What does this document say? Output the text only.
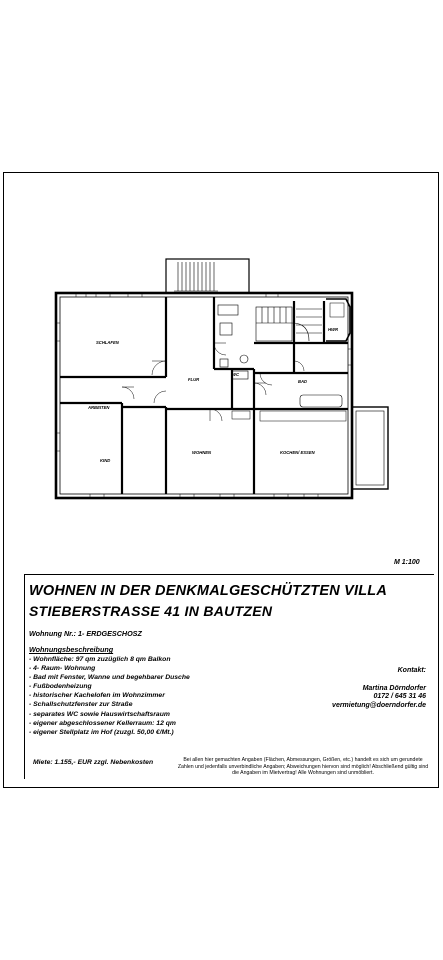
SCHLAFEN
ARBEITEN
KIND
FLUR
WC
BAD
HWR
WOHNEN	KOCHEN/ ESSEN
M 1:100
WOHNEN IN DER DENKMALGESCHÜTZTEN VILLA
STIEBERSTRASSE 41 IN BAUTZEN
Wohnung Nr.: 1- ERDGESCHOSZ
Wohnungsbeschreibung
- Wohnfläche: 97 qm zuzüglich 8 qm Balkon
- 4- Raum- Wohnung
- Bad mit Fenster, Wanne und begehbarer Dusche
- Fußbodenheizung
- historischer Kachelofen im Wohnzimmer
- Schallschutzfenster zur Straße
- separates WC sowie Hauswirtschaftsraum
- eigener abgeschlossener Kellerraum: 12 qm
- eigener Stellplatz im Hof (zuzgl. 50,00 €/Mt.)
Kontakt:
Martina Dörndorfer
0172 / 645 31 46
vermietung@doerndorfer.de
Miete: 1.155,- EUR zzgl. Nebenkosten	Bei allen hier gemachten Angaben (Flächen, Abmessungen, Größen, etc.) handelt es sich um gerundete Zahlen und jedenfalls unverbindliche Angaben; Abweichungen hiervon sind möglich! Abschließend gültig sind die Angaben im Mietvertrag! Alle Wohnungen sind unmöbliert.
